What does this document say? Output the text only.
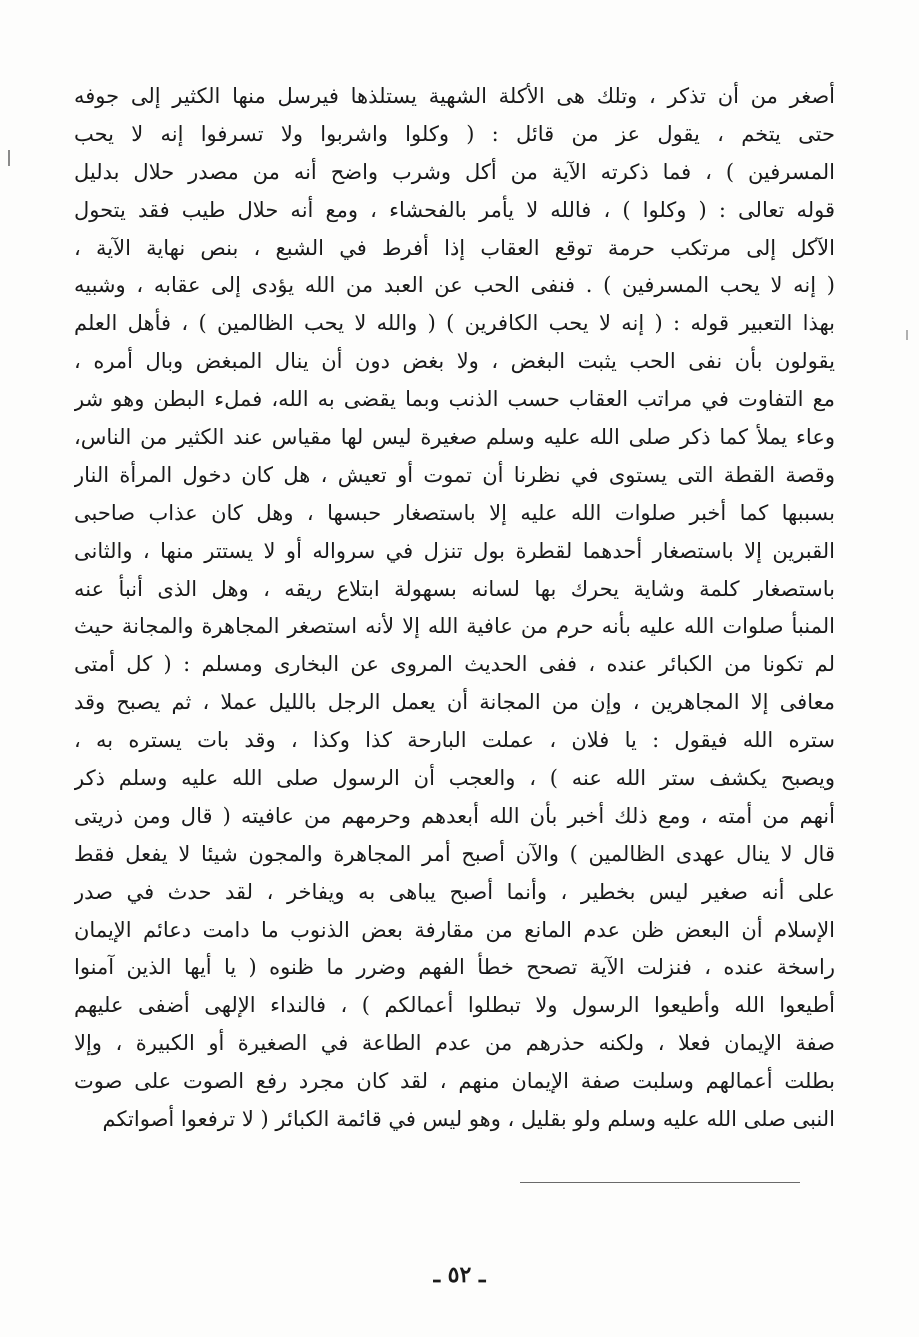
أصغر من أن تذكر ، وتلك هى الأكلة الشهية يستلذها فيرسل منها الكثير إلى جوفه
حتى يتخم ، يقول عز من قائل : ( وكلوا واشربوا ولا تسرفوا إنه لا يحب
المسرفين ) ، فما ذكرته الآية من أكل وشرب واضح أنه من مصدر حلال بدليل
قوله تعالى : ( وكلوا ) ، فالله لا يأمر بالفحشاء ، ومع أنه حلال طيب فقد يتحول
الآكل إلى مرتكب حرمة توقع العقاب إذا أفرط في الشبع ، بنص نهاية الآية ،
( إنه لا يحب المسرفين ) . فنفى الحب عن العبد من الله يؤدى إلى عقابه ، وشبيه
بهذا التعبير قوله : ( إنه لا يحب الكافرين ) ( والله لا يحب الظالمين ) ، فأهل العلم
يقولون بأن نفى الحب يثبت البغض ، ولا بغض دون أن ينال المبغض وبال أمره ،
مع التفاوت في مراتب العقاب حسب الذنب وبما يقضى به الله، فملء البطن وهو شر
وعاء يملأ كما ذكر صلى الله عليه وسلم صغيرة ليس لها مقياس عند الكثير من الناس،
وقصة القطة التى يستوى في نظرنا أن تموت أو تعيش ، هل كان دخول المرأة النار
بسببها كما أخبر صلوات الله عليه إلا باستصغار حبسها ، وهل كان عذاب صاحبى
القبرين إلا باستصغار أحدهما لقطرة بول تنزل في سرواله أو لا يستتر منها ، والثانى
باستصغار كلمة وشاية يحرك بها لسانه بسهولة ابتلاع ريقه ، وهل الذى أنبأ عنه
المنبأ صلوات الله عليه بأنه حرم من عافية الله إلا لأنه استصغر المجاهرة والمجانة حيث
لم تكونا من الكبائر عنده ، ففى الحديث المروى عن البخارى ومسلم : ( كل أمتى
معافى إلا المجاهرين ، وإن من المجانة أن يعمل الرجل بالليل عملا ، ثم يصبح وقد
ستره الله فيقول : يا فلان ، عملت البارحة كذا وكذا ، وقد بات يستره به ،
ويصبح يكشف ستر الله عنه ) ، والعجب أن الرسول صلى الله عليه وسلم ذكر
أنهم من أمته ، ومع ذلك أخبر بأن الله أبعدهم وحرمهم من عافيته ( قال ومن ذريتى
قال لا ينال عهدى الظالمين ) والآن أصبح أمر المجاهرة والمجون شيئا لا يفعل فقط
على أنه صغير ليس بخطير ، وأنما أصبح يباهى به ويفاخر ، لقد حدث في صدر
الإسلام أن البعض ظن عدم المانع من مقارفة بعض الذنوب ما دامت دعائم الإيمان
راسخة عنده ، فنزلت الآية تصحح خطأ الفهم وضرر ما ظنوه ( يا أيها الذين آمنوا
أطيعوا الله وأطيعوا الرسول ولا تبطلوا أعمالكم ) ، فالنداء الإلهى أضفى عليهم
صفة الإيمان فعلا ، ولكنه حذرهم من عدم الطاعة في الصغيرة أو الكبيرة ، وإلا
بطلت أعمالهم وسلبت صفة الإيمان منهم ، لقد كان مجرد رفع الصوت على صوت
النبى صلى الله عليه وسلم ولو بقليل ، وهو ليس في قائمة الكبائر ( لا ترفعوا أصواتكم
ـ ٥٢ ـ
